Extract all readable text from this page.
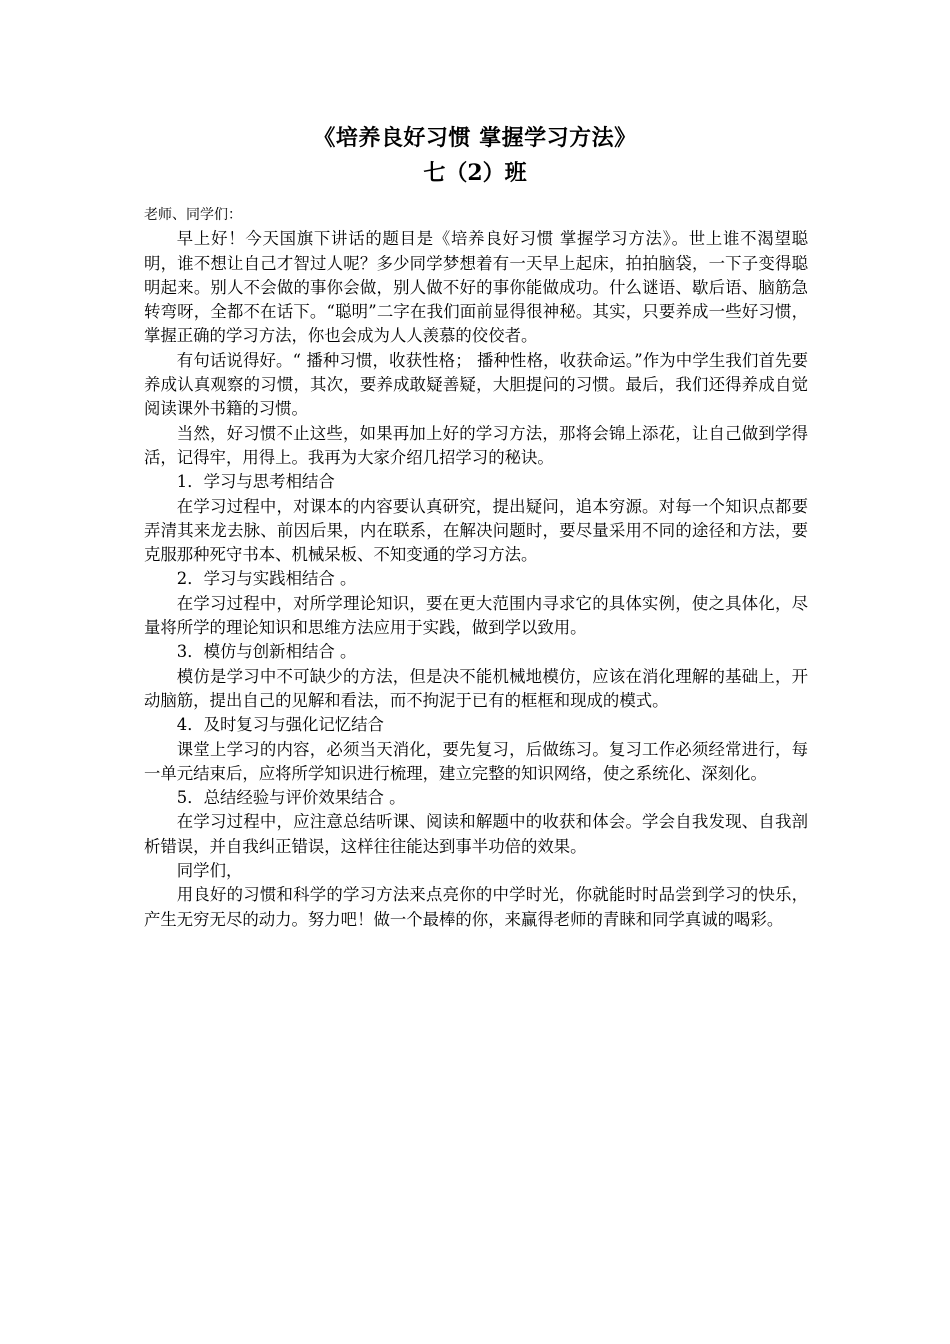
《培养良好习惯 掌握学习方法》
七（2）班

老师、同学们：

早上好！今天国旗下讲话的题目是《培养良好习惯 掌握学习方法》。世上谁不渴望聪明，谁不想让自己才智过人呢？多少同学梦想着有一天早上起床，拍拍脑袋，一下子变得聪明起来。别人不会做的事你会做，别人做不好的事你能做成功。什么谜语、歇后语、脑筋急转弯呀，全都不在话下。“聪明”二字在我们面前显得很神秘。其实，只要养成一些好习惯，掌握正确的学习方法，你也会成为人人羡慕的佼佼者。

有句话说得好。“ 播种习惯，收获性格； 播种性格，收获命运。”作为中学生我们首先要养成认真观察的习惯，其次，要养成敢疑善疑，大胆提问的习惯。最后，我们还得养成自觉阅读课外书籍的习惯。

当然，好习惯不止这些，如果再加上好的学习方法，那将会锦上添花，让自己做到学得活，记得牢，用得上。我再为大家介绍几招学习的秘诀。

1．学习与思考相结合

在学习过程中，对课本的内容要认真研究，提出疑问，追本穷源。对每一个知识点都要弄清其来龙去脉、前因后果，内在联系，在解决问题时，要尽量采用不同的途径和方法，要克服那种死守书本、机械呆板、不知变通的学习方法。

2．学习与实践相结合 。

在学习过程中，对所学理论知识，要在更大范围内寻求它的具体实例，使之具体化，尽量将所学的理论知识和思维方法应用于实践，做到学以致用。

3．模仿与创新相结合 。

模仿是学习中不可缺少的方法，但是决不能机械地模仿，应该在消化理解的基础上，开动脑筋，提出自己的见解和看法，而不拘泥于已有的框框和现成的模式。

4．及时复习与强化记忆结合

课堂上学习的内容，必须当天消化，要先复习，后做练习。复习工作必须经常进行，每一单元结束后，应将所学知识进行梳理，建立完整的知识网络，使之系统化、深刻化。

5．总结经验与评价效果结合 。

在学习过程中，应注意总结听课、阅读和解题中的收获和体会。学会自我发现、自我剖析错误，并自我纠正错误，这样往往能达到事半功倍的效果。

同学们，

用良好的习惯和科学的学习方法来点亮你的中学时光，你就能时时品尝到学习的快乐，产生无穷无尽的动力。努力吧！做一个最棒的你，来赢得老师的青睐和同学真诚的喝彩。
